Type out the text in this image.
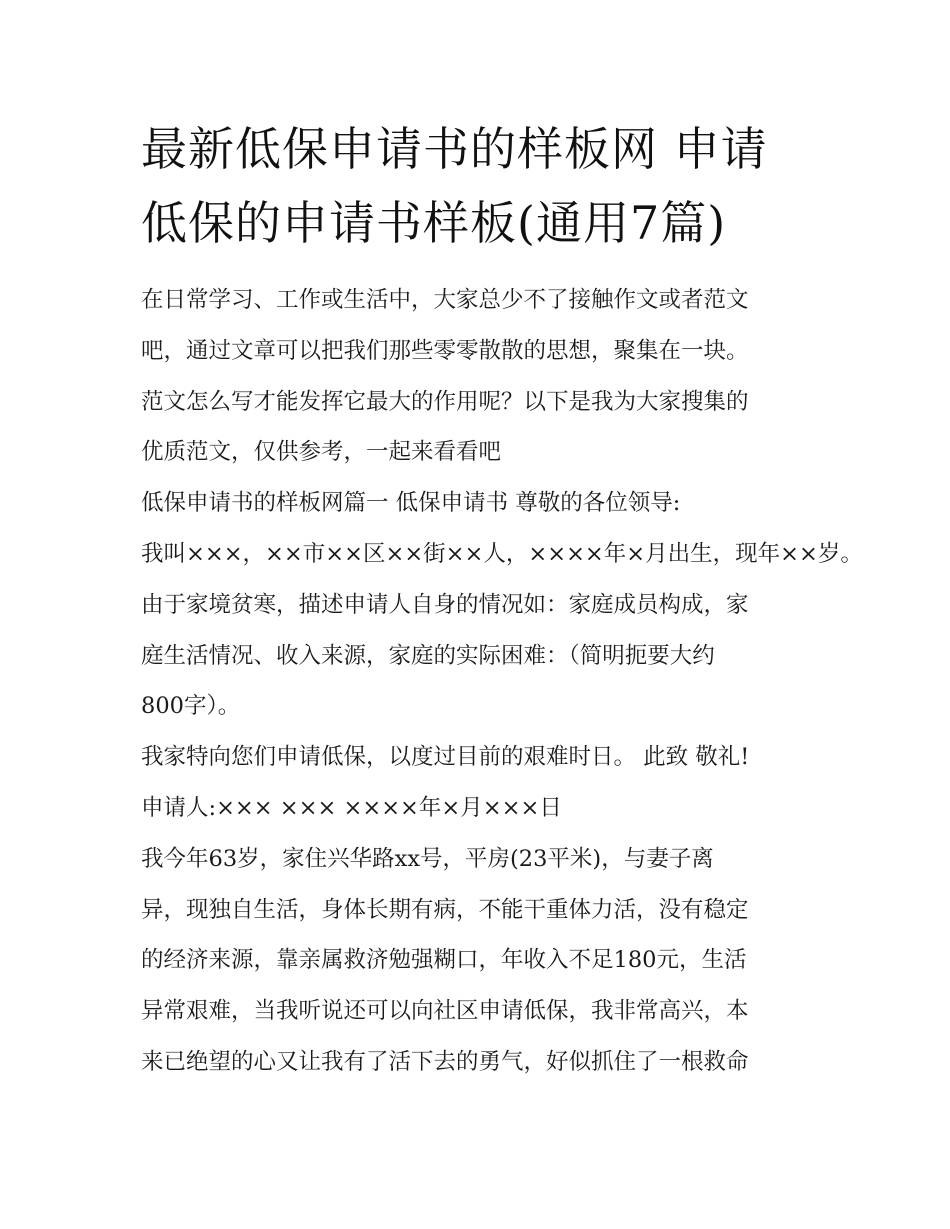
最新低保申请书的样板网 申请
低保的申请书样板(通用7篇)
在日常学习、工作或生活中，大家总少不了接触作文或者范文
吧，通过文章可以把我们那些零零散散的思想，聚集在一块。
范文怎么写才能发挥它最大的作用呢？以下是我为大家搜集的
优质范文，仅供参考，一起来看看吧
低保申请书的样板网篇一 低保申请书 尊敬的各位领导:
我叫×××，××市××区××街××人，××××年×月出生，现年××岁。
由于家境贫寒，描述申请人自身的情况如：家庭成员构成，家
庭生活情况、收入来源，家庭的实际困难：（简明扼要大约
800字）。
我家特向您们申请低保，以度过目前的艰难时日。 此致 敬礼!
申请人:××× ××× ××××年×月×××日
我今年63岁，家住兴华路xx号，平房(23平米)，与妻子离
异，现独自生活，身体长期有病，不能干重体力活，没有稳定
的经济来源，靠亲属救济勉强糊口，年收入不足180元，生活
异常艰难，当我听说还可以向社区申请低保，我非常高兴，本
来已绝望的心又让我有了活下去的勇气，好似抓住了一根救命
